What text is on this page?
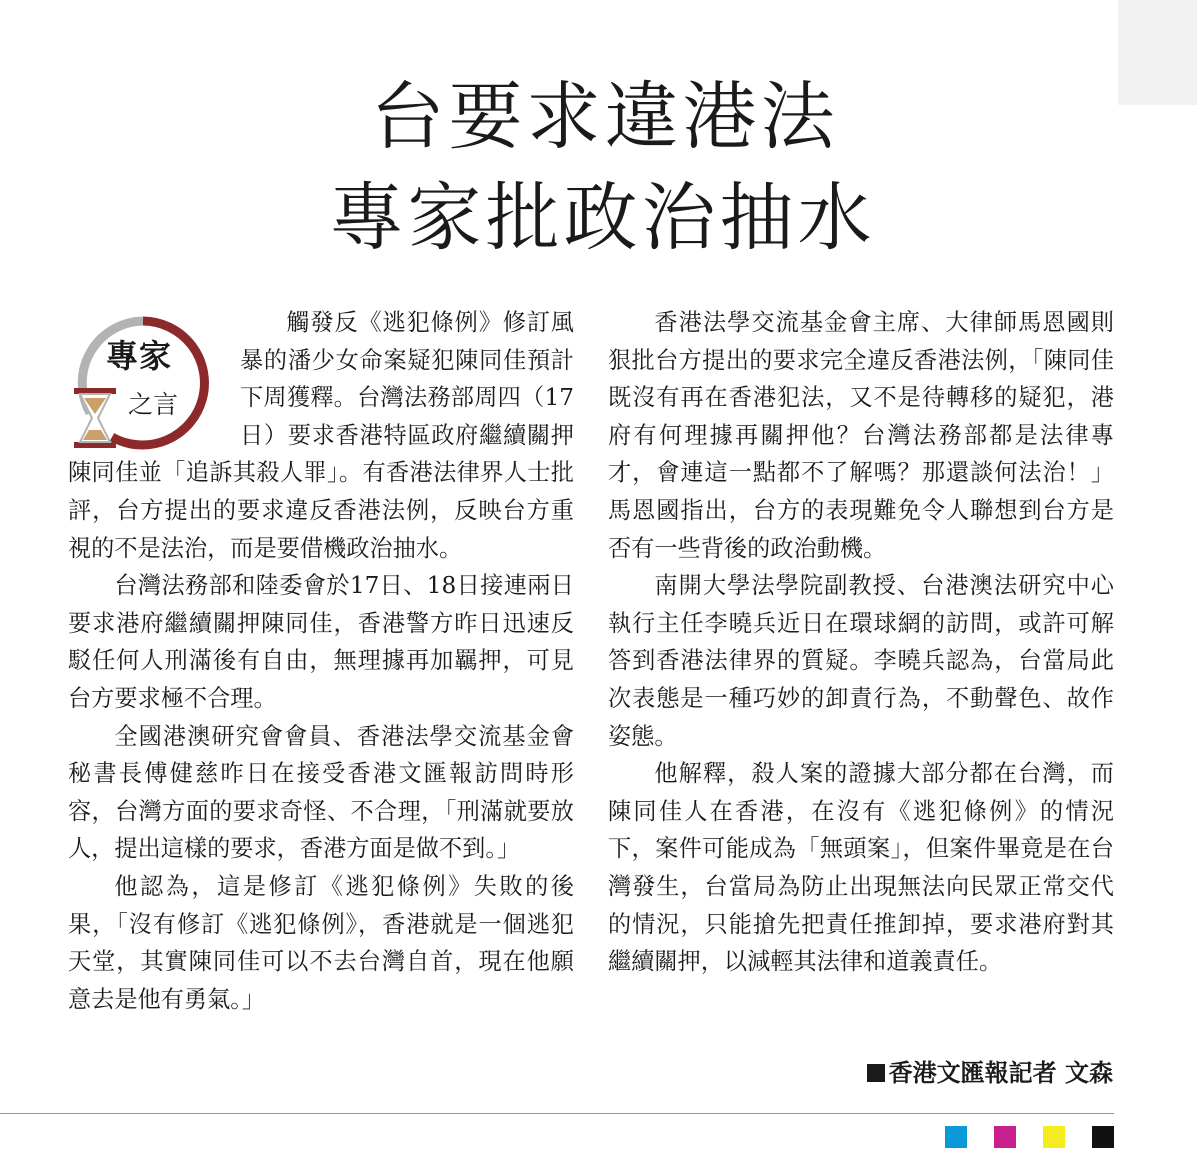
台要求違港法
專家批政治抽水
專家
之言

觸發反《逃犯條例》修訂風暴的潘少女命案疑犯陳同佳預計下周獲釋。台灣法務部周四（17日）要求香港特區政府繼續關押陳同佳並「追訴其殺人罪」。有香港法律界人士批評，台方提出的要求違反香港法例，反映台方重視的不是法治，而是要借機政治抽水。

台灣法務部和陸委會於17日、18日接連兩日要求港府繼續關押陳同佳，香港警方昨日迅速反駁任何人刑滿後有自由，無理據再加羈押，可見台方要求極不合理。

全國港澳研究會會員、香港法學交流基金會秘書長傅健慈昨日在接受香港文匯報訪問時形容，台灣方面的要求奇怪、不合理，「刑滿就要放人，提出這樣的要求，香港方面是做不到。」

他認為，這是修訂《逃犯條例》失敗的後果，「沒有修訂《逃犯條例》，香港就是一個逃犯天堂，其實陳同佳可以不去台灣自首，現在他願意去是他有勇氣。」

香港法學交流基金會主席、大律師馬恩國則狠批台方提出的要求完全違反香港法例，「陳同佳既沒有再在香港犯法，又不是待轉移的疑犯，港府有何理據再關押他？台灣法務部都是法律專才，會連這一點都不了解嗎？那還談何法治！」馬恩國指出，台方的表現難免令人聯想到台方是否有一些背後的政治動機。

南開大學法學院副教授、台港澳法研究中心執行主任李曉兵近日在環球網的訪問，或許可解答到香港法律界的質疑。李曉兵認為，台當局此次表態是一種巧妙的卸責行為，不動聲色、故作姿態。

他解釋，殺人案的證據大部分都在台灣，而陳同佳人在香港，在沒有《逃犯條例》的情況下，案件可能成為「無頭案」，但案件畢竟是在台灣發生，台當局為防止出現無法向民眾正常交代的情況，只能搶先把責任推卸掉，要求港府對其繼續關押，以減輕其法律和道義責任。

香港文匯報記者 文森
